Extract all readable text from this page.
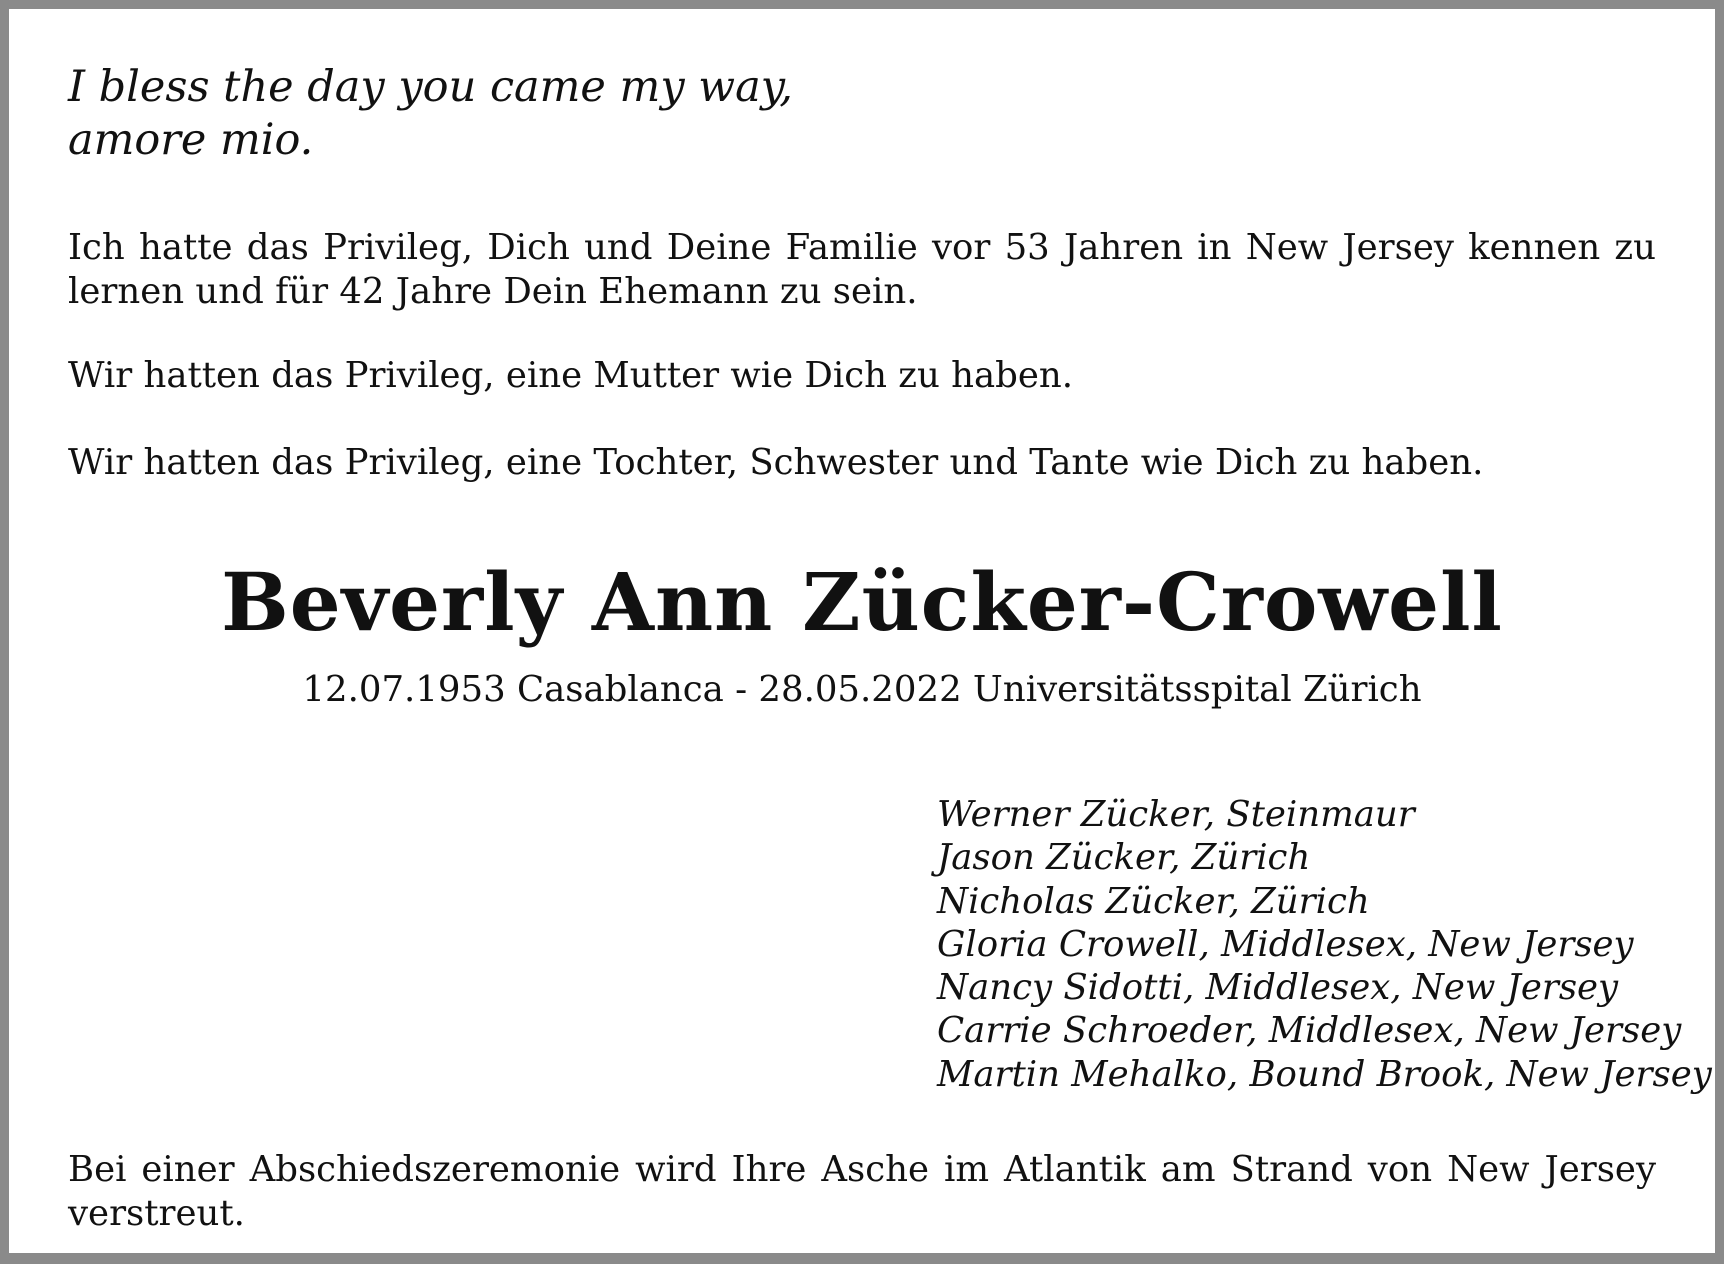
I bless the day you came my way,
amore mio.

Ich hatte das Privileg, Dich und Deine Familie vor 53 Jahren in New Jersey kennen zu lernen und für 42 Jahre Dein Ehemann zu sein.

Wir hatten das Privileg, eine Mutter wie Dich zu haben.

Wir hatten das Privileg, eine Tochter, Schwester und Tante wie Dich zu haben.

Beverly Ann Zücker-Crowell

12.07.1953 Casablanca - 28.05.2022 Universitätsspital Zürich

Werner Zücker, Steinmaur
Jason Zücker, Zürich
Nicholas Zücker, Zürich
Gloria Crowell, Middlesex, New Jersey
Nancy Sidotti, Middlesex, New Jersey
Carrie Schroeder, Middlesex, New Jersey
Martin Mehalko, Bound Brook, New Jersey

Bei einer Abschiedszeremonie wird Ihre Asche im Atlantik am Strand von New Jersey verstreut.
